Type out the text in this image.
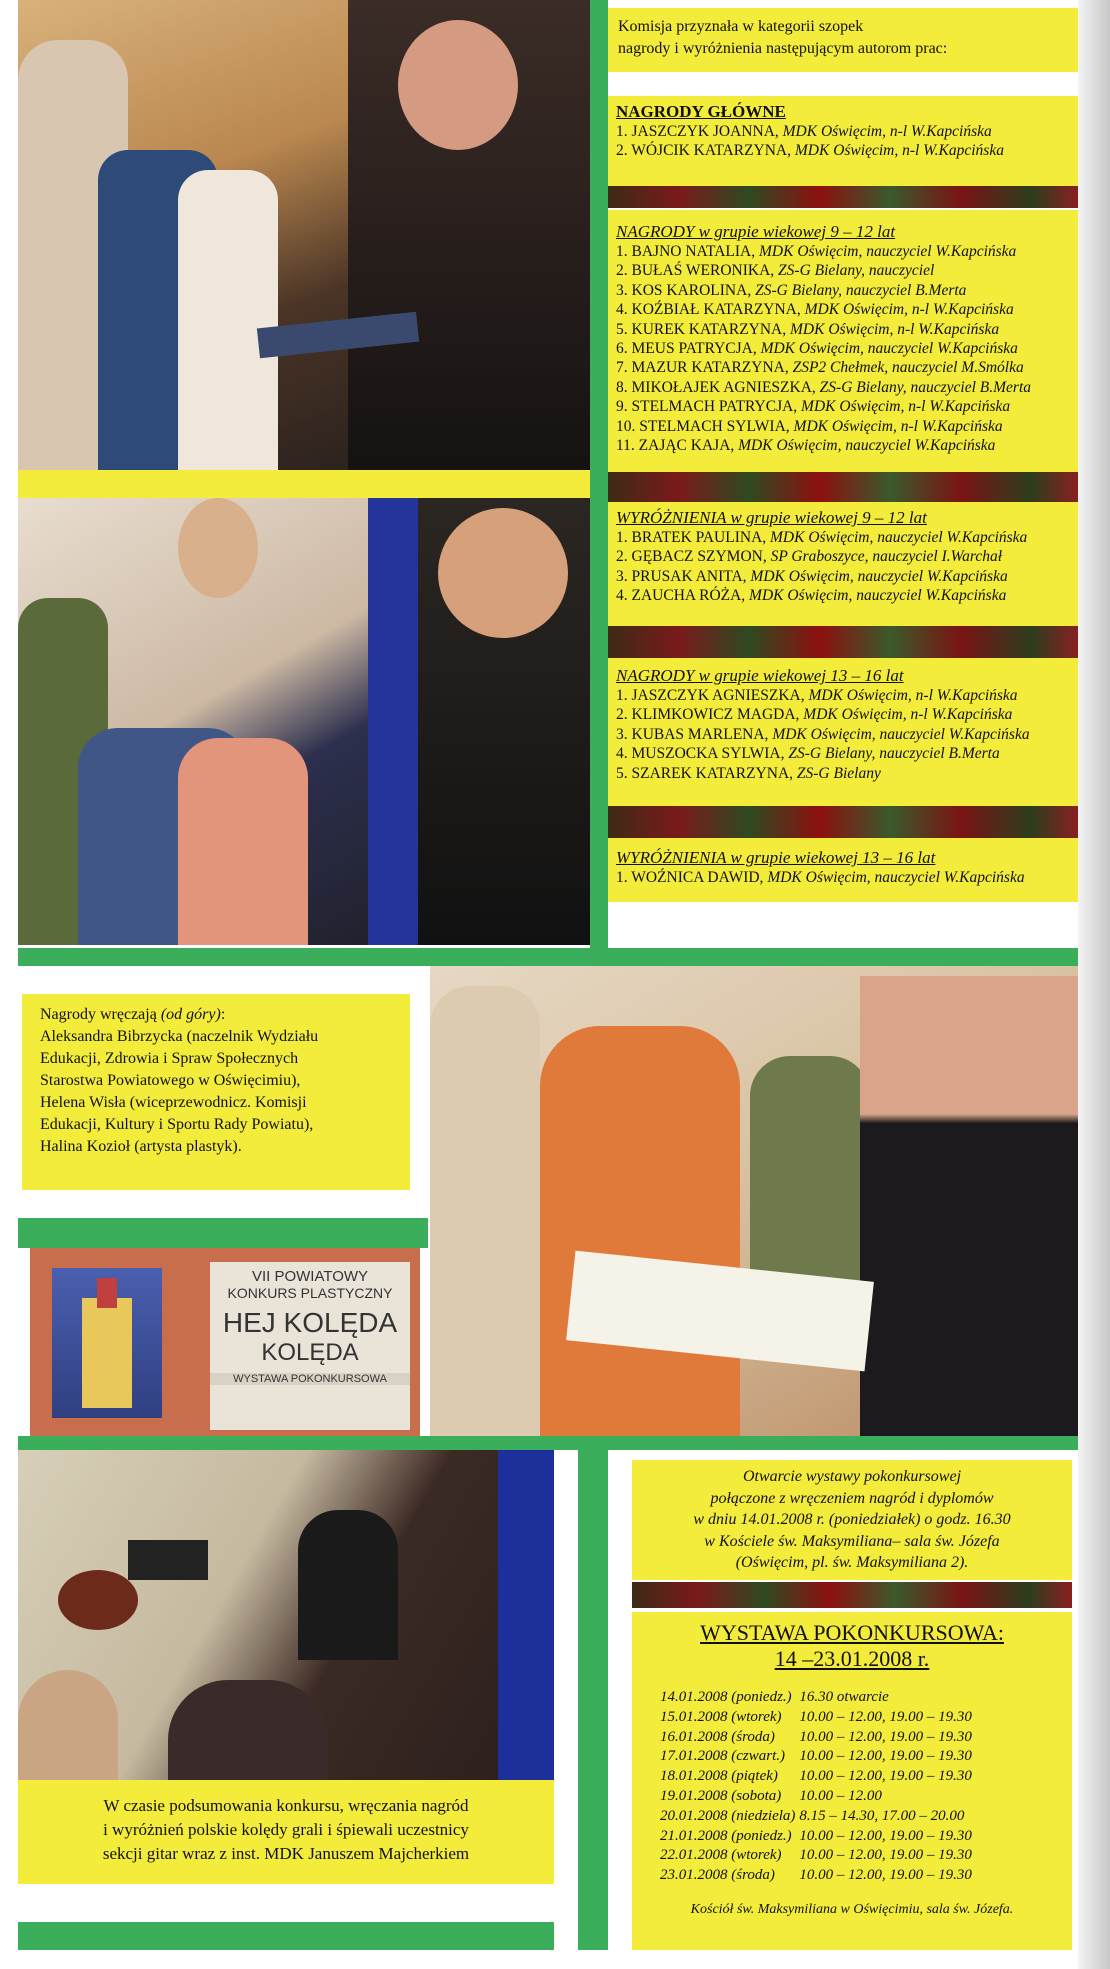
Komisja przyznała w kategorii szopek
nagrody i wyróżnienia następującym autorom prac:
NAGRODY GŁÓWNE
1. JASZCZYK JOANNA, MDK Oświęcim, n-l W.Kapcińska
2. WÓJCIK KATARZYNA, MDK Oświęcim, n-l W.Kapcińska
NAGRODY w grupie wiekowej 9 – 12 lat
1. BAJNO NATALIA, MDK Oświęcim, nauczyciel W.Kapcińska
2. BUŁAŚ WERONIKA, ZS-G Bielany, nauczyciel
3. KOS KAROLINA, ZS-G Bielany, nauczyciel B.Merta
4. KOŹBIAŁ KATARZYNA, MDK Oświęcim, n-l W.Kapcińska
5. KUREK KATARZYNA, MDK Oświęcim, n-l W.Kapcińska
6. MEUS PATRYCJA, MDK Oświęcim, nauczyciel W.Kapcińska
7. MAZUR KATARZYNA, ZSP2 Chełmek, nauczyciel M.Smólka
8. MIKOŁAJEK AGNIESZKA, ZS-G Bielany, nauczyciel B.Merta
9. STELMACH PATRYCJA, MDK Oświęcim, n-l W.Kapcińska
10. STELMACH SYLWIA, MDK Oświęcim, n-l W.Kapcińska
11. ZAJĄC KAJA, MDK Oświęcim, nauczyciel W.Kapcińska
WYRÓŻNIENIA w grupie wiekowej 9 – 12 lat
1. BRATEK PAULINA, MDK Oświęcim, nauczyciel W.Kapcińska
2. GĘBACZ SZYMON, SP Graboszyce, nauczyciel I.Warchał
3. PRUSAK ANITA, MDK Oświęcim, nauczyciel W.Kapcińska
4. ZAUCHA RÓŻA, MDK Oświęcim, nauczyciel W.Kapcińska
NAGRODY w grupie wiekowej 13 – 16 lat
1. JASZCZYK AGNIESZKA, MDK Oświęcim, n-l W.Kapcińska
2. KLIMKOWICZ MAGDA, MDK Oświęcim, n-l W.Kapcińska
3. KUBAS MARLENA, MDK Oświęcim, nauczyciel W.Kapcińska
4. MUSZOCKA SYLWIA, ZS-G Bielany, nauczyciel B.Merta
5. SZAREK KATARZYNA, ZS-G Bielany
WYRÓŻNIENIA w grupie wiekowej 13 – 16 lat
1. WOŹNICA DAWID, MDK Oświęcim, nauczyciel W.Kapcińska
Nagrody wręczają (od góry):
Aleksandra Bibrzycka (naczelnik Wydziału
Edukacji, Zdrowia i Spraw Społecznych
Starostwa Powiatowego w Oświęcimiu),
Helena Wisła (wiceprzewodnicz. Komisji
Edukacji, Kultury i Sportu Rady Powiatu),
Halina Kozioł (artysta plastyk).
VII POWIATOWY
KONKURS PLASTYCZNY
HEJ KOLĘDA
KOLĘDA
WYSTAWA POKONKURSOWA
W czasie podsumowania konkursu, wręczania nagród
i wyróżnień polskie kolędy grali i śpiewali uczestnicy
sekcji gitar wraz z inst. MDK Januszem Majcherkiem
Otwarcie wystawy pokonkursowej
połączone z wręczeniem nagród i dyplomów
w dniu 14.01.2008 r. (poniedziałek) o godz. 16.30
w Kościele św. Maksymiliana– sala św. Józefa
(Oświęcim, pl. św. Maksymiliana 2).
WYSTAWA POKONKURSOWA:
14 –23.01.2008 r.
14.01.2008 (poniedz.)	16.30 otwarcie
15.01.2008 (wtorek)	10.00 – 12.00, 19.00 – 19.30
16.01.2008 (środa)	10.00 – 12.00, 19.00 – 19.30
17.01.2008 (czwart.)	10.00 – 12.00, 19.00 – 19.30
18.01.2008 (piątek)	10.00 – 12.00, 19.00 – 19.30
19.01.2008 (sobota)	10.00 – 12.00
20.01.2008 (niedziela)	8.15 – 14.30, 17.00 – 20.00
21.01.2008 (poniedz.)	10.00 – 12.00, 19.00 – 19.30
22.01.2008 (wtorek)	10.00 – 12.00, 19.00 – 19.30
23.01.2008 (środa)	10.00 – 12.00, 19.00 – 19.30
Kościół św. Maksymiliana w Oświęcimiu, sala św. Józefa.
